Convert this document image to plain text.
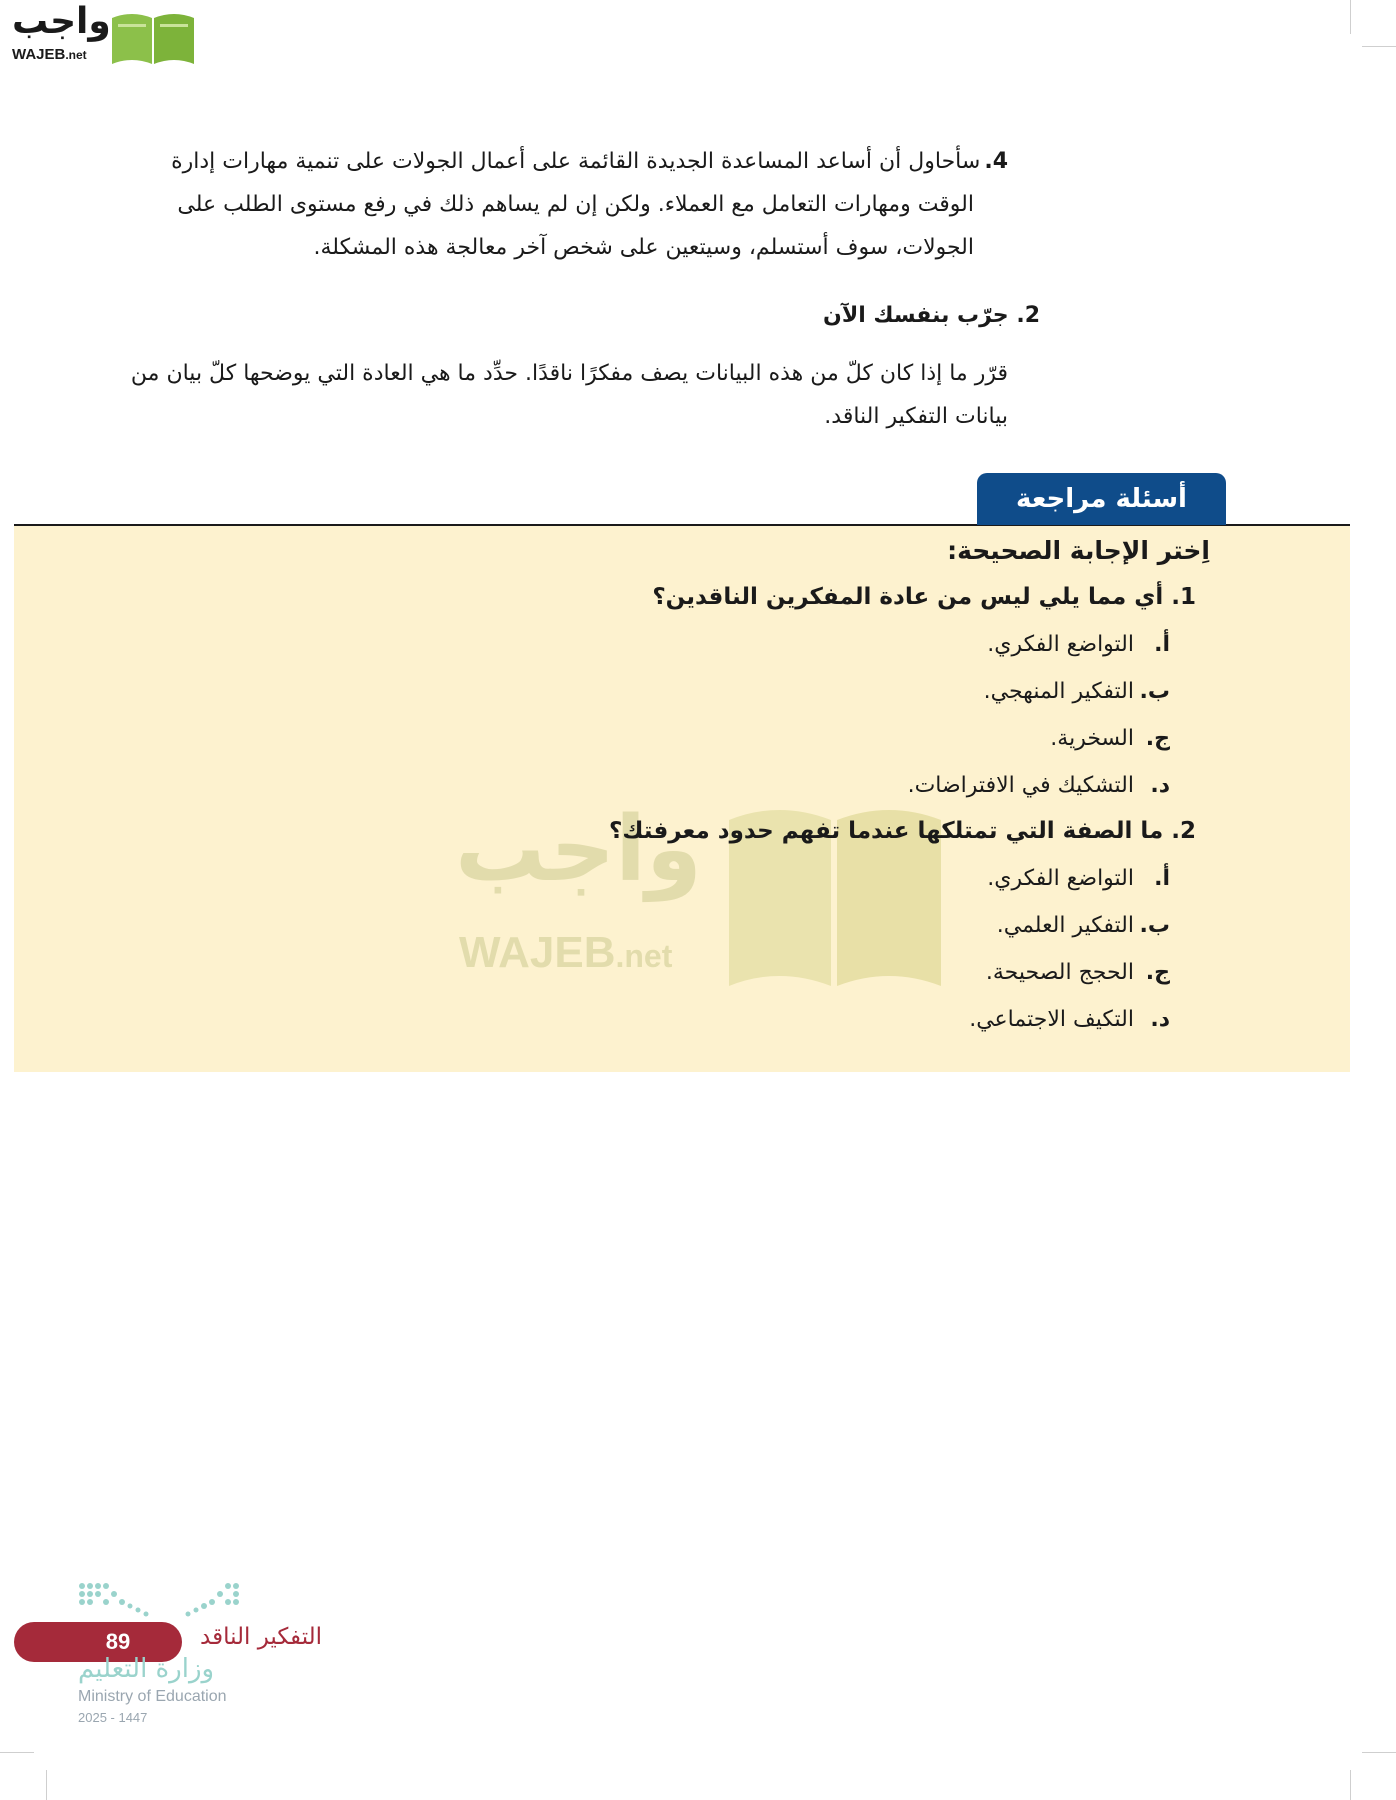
واجب
WAJEB.net
4.سأحاول أن أساعد المساعدة الجديدة القائمة على أعمال الجولات على تنمية مهارات إدارة
الوقت ومهارات التعامل مع العملاء. ولكن إن لم يساهم ذلك في رفع مستوى الطلب على الجولات، سوف أستسلم، وسيتعين على شخص آخر معالجة هذه المشكلة.
2. جرّب بنفسك الآن
قرّر ما إذا كان كلّ من هذه البيانات يصف مفكرًا ناقدًا. حدِّد ما هي العادة التي يوضحها كلّ بيان من بيانات التفكير الناقد.
أسئلة مراجعة
واجب
WAJEB.net
اِختر الإجابة الصحيحة:
1. أي مما يلي ليس من عادة المفكرين الناقدين؟
أ.التواضع الفكري.
ب.التفكير المنهجي.
ج.السخرية.
د.التشكيك في الافتراضات.
2. ما الصفة التي تمتلكها عندما تفهم حدود معرفتك؟
أ.التواضع الفكري.
ب.التفكير العلمي.
ج.الحجج الصحيحة.
د.التكيف الاجتماعي.
89	التفكير الناقد
وزارة التعليم
Ministry of Education
2025 - 1447
